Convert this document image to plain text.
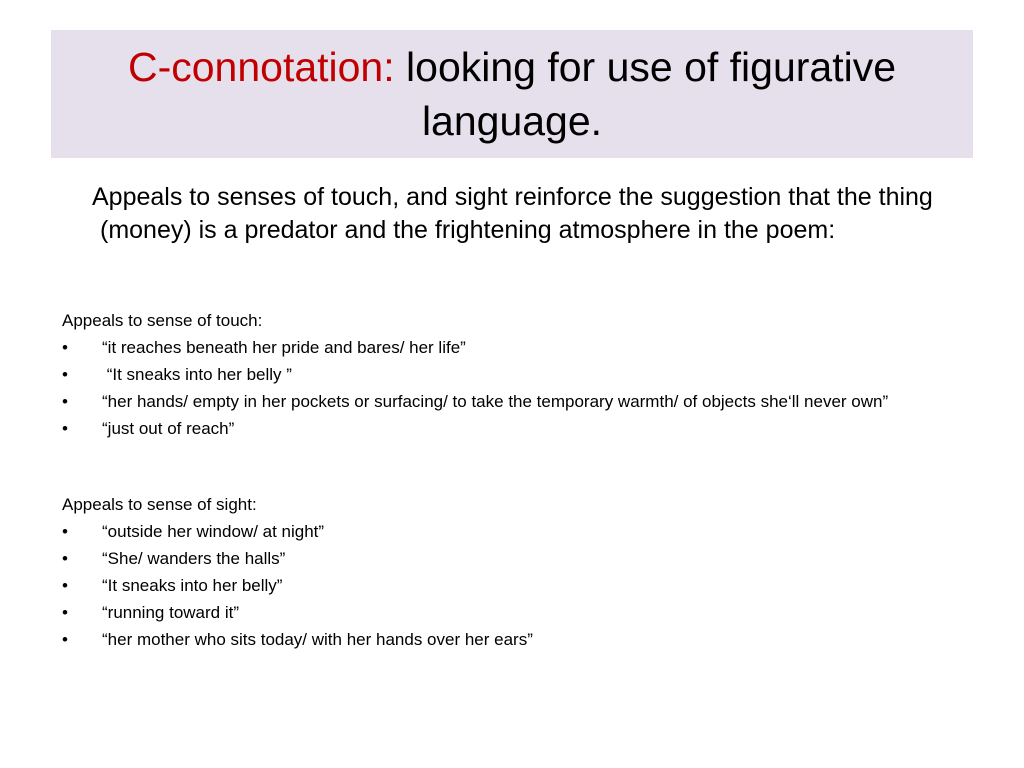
C-connotation: looking for use of figurative language.

Appeals to senses of touch, and sight reinforce the suggestion that the thing (money) is a predator and the frightening atmosphere in the poem:

Appeals to sense of touch:

•	“it reaches beneath her pride and bares/ her life”
•	“It sneaks into her belly ”
•	“her hands/ empty in her pockets or surfacing/ to take the temporary warmth/ of objects she‘ll never own”
•	“just out of reach”

Appeals to sense of sight:

•	“outside her window/ at night”
•	“She/ wanders the halls”
•	“It sneaks into her belly”
•	“running toward it”
•	“her mother who sits today/ with her hands over her ears”
